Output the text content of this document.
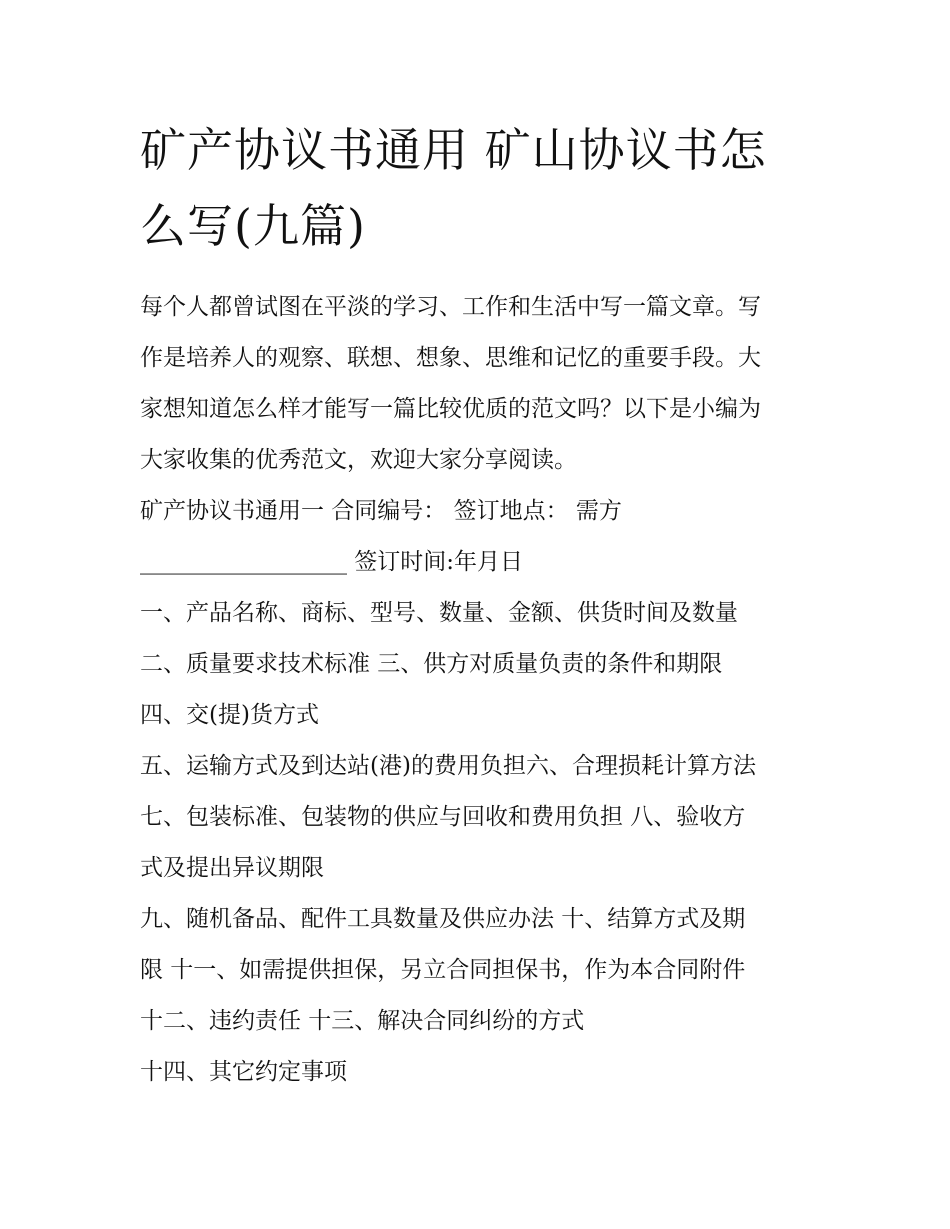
矿产协议书通用 矿山协议书怎
么写(九篇)

每个人都曾试图在平淡的学习、工作和生活中写一篇文章。写

作是培养人的观察、联想、想象、思维和记忆的重要手段。大

家想知道怎么样才能写一篇比较优质的范文吗？以下是小编为

大家收集的优秀范文，欢迎大家分享阅读。

矿产协议书通用一 合同编号： 签订地点： 需方

__________________ 签订时间:年月日

一、产品名称、商标、型号、数量、金额、供货时间及数量

二、质量要求技术标准 三、供方对质量负责的条件和期限

四、交(提)货方式

五、运输方式及到达站(港)的费用负担六、合理损耗计算方法

七、包装标准、包装物的供应与回收和费用负担 八、验收方

式及提出异议期限

九、随机备品、配件工具数量及供应办法 十、结算方式及期

限 十一、如需提供担保，另立合同担保书，作为本合同附件

十二、违约责任 十三、解决合同纠纷的方式

十四、其它约定事项
